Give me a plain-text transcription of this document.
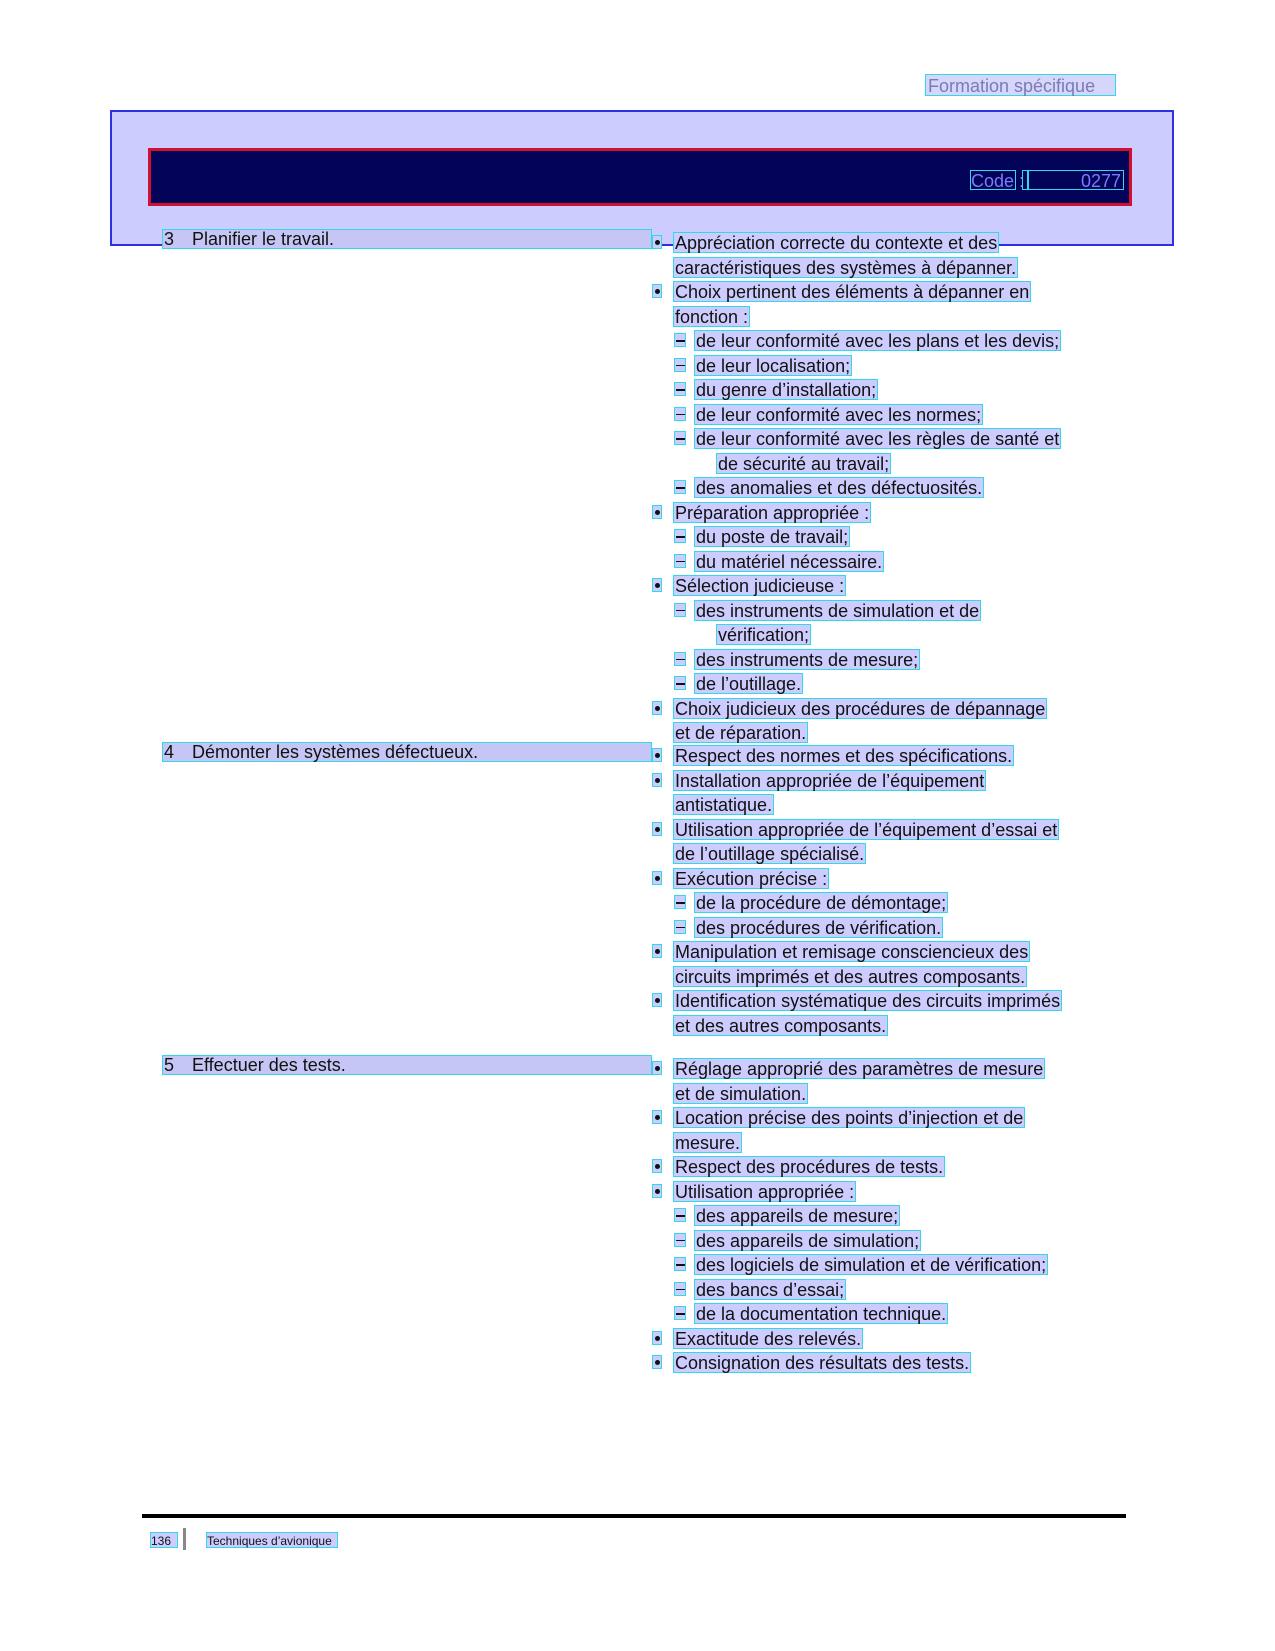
Formation spécifique
Code :	0277
3 Planifier le travail.	Appréciation correcte du contexte et des
caractéristiques des systèmes à dépanner.
Choix pertinent des éléments à dépanner en
fonction :
de leur conformité avec les plans et les devis;
de leur localisation;
du genre d’installation;
de leur conformité avec les normes;
de leur conformité avec les règles de santé et
de sécurité au travail;
des anomalies et des défectuosités.
Préparation appropriée :
du poste de travail;
du matériel nécessaire.
Sélection judicieuse :
des instruments de simulation et de
vérification;
des instruments de mesure;
de l’outillage.
Choix judicieux des procédures de dépannage
et de réparation.
4 Démonter les systèmes défectueux.	Respect des normes et des spécifications.
Installation appropriée de l’équipement
antistatique.
Utilisation appropriée de l’équipement d’essai et
de l’outillage spécialisé.
Exécution précise :
de la procédure de démontage;
des procédures de vérification.
Manipulation et remisage consciencieux des
circuits imprimés et des autres composants.
Identification systématique des circuits imprimés
et des autres composants.
5 Effectuer des tests.	Réglage approprié des paramètres de mesure
et de simulation.
Location précise des points d’injection et de
mesure.
Respect des procédures de tests.
Utilisation appropriée :
des appareils de mesure;
des appareils de simulation;
des logiciels de simulation et de vérification;
des bancs d’essai;
de la documentation technique.
Exactitude des relevés.
Consignation des résultats des tests.
136	Techniques d’avionique
